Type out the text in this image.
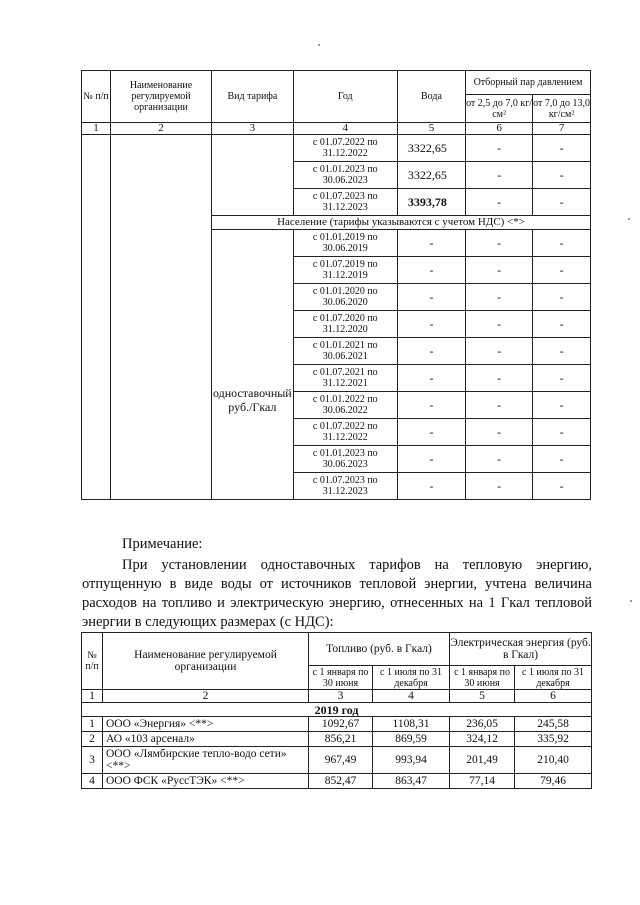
№ п/п	Наименование регулируемой организации	Вид тарифа	Год	Вода	Отборный пар давлением	
					от 2,5 до 7,0 кг/см²	от 7,0 до 13,0 кг/см²
1	2	3	4	5	6	7
			с 01.07.2022 по 31.12.2022	3322,65	-	-
			с 01.01.2023 по 30.06.2023	3322,65	-	-
			с 01.07.2023 по 31.12.2023	3393,78	-	-
		Население (тарифы указываются с учетом НДС) <*>				
		одноставочный руб./Гкал	с 01.01.2019 по 30.06.2019	-	-	-
			с 01.07.2019 по 31.12.2019	-	-	-
			с 01.01.2020 по 30.06.2020	-	-	-
			с 01.07.2020 по 31.12.2020	-	-	-
			с 01.01.2021 по 30.06.2021	-	-	-
			с 01.07.2021 по 31.12.2021	-	-	-
			с 01.01.2022 по 30.06.2022	-	-	-
			с 01.07.2022 по 31.12.2022	-	-	-
			с 01.01.2023 по 30.06.2023	-	-	-
			с 01.07.2023 по 31.12.2023	-	-	-
Примечание:

При установлении одноставочных тарифов на тепловую энергию, отпущенную в виде воды от источников тепловой энергии, учтена величина расходов на топливо и электрическую энергию, отнесенных на 1 Гкал тепловой энергии в следующих размерах (с НДС):

№ п/п	Наименование регулируемой организации	Топливо (руб. в Гкал)		Электрическая энергия (руб. в Гкал)	
		с 1 января по 30 июня	с 1 июля по 31 декабря	с 1 января по 30 июня	с 1 июля по 31 декабря
1	2	3	4	5	6
2019 год					
1	ООО «Энергия» <**>	1092,67	1108,31	236,05	245,58
2	АО «103 арсенал»	856,21	869,59	324,12	335,92
3	ООО «Лямбирские тепло-водо сети» <**>	967,49	993,94	201,49	210,40
4	ООО ФСК «РуссТЭК» <**>	852,47	863,47	77,14	79,46
